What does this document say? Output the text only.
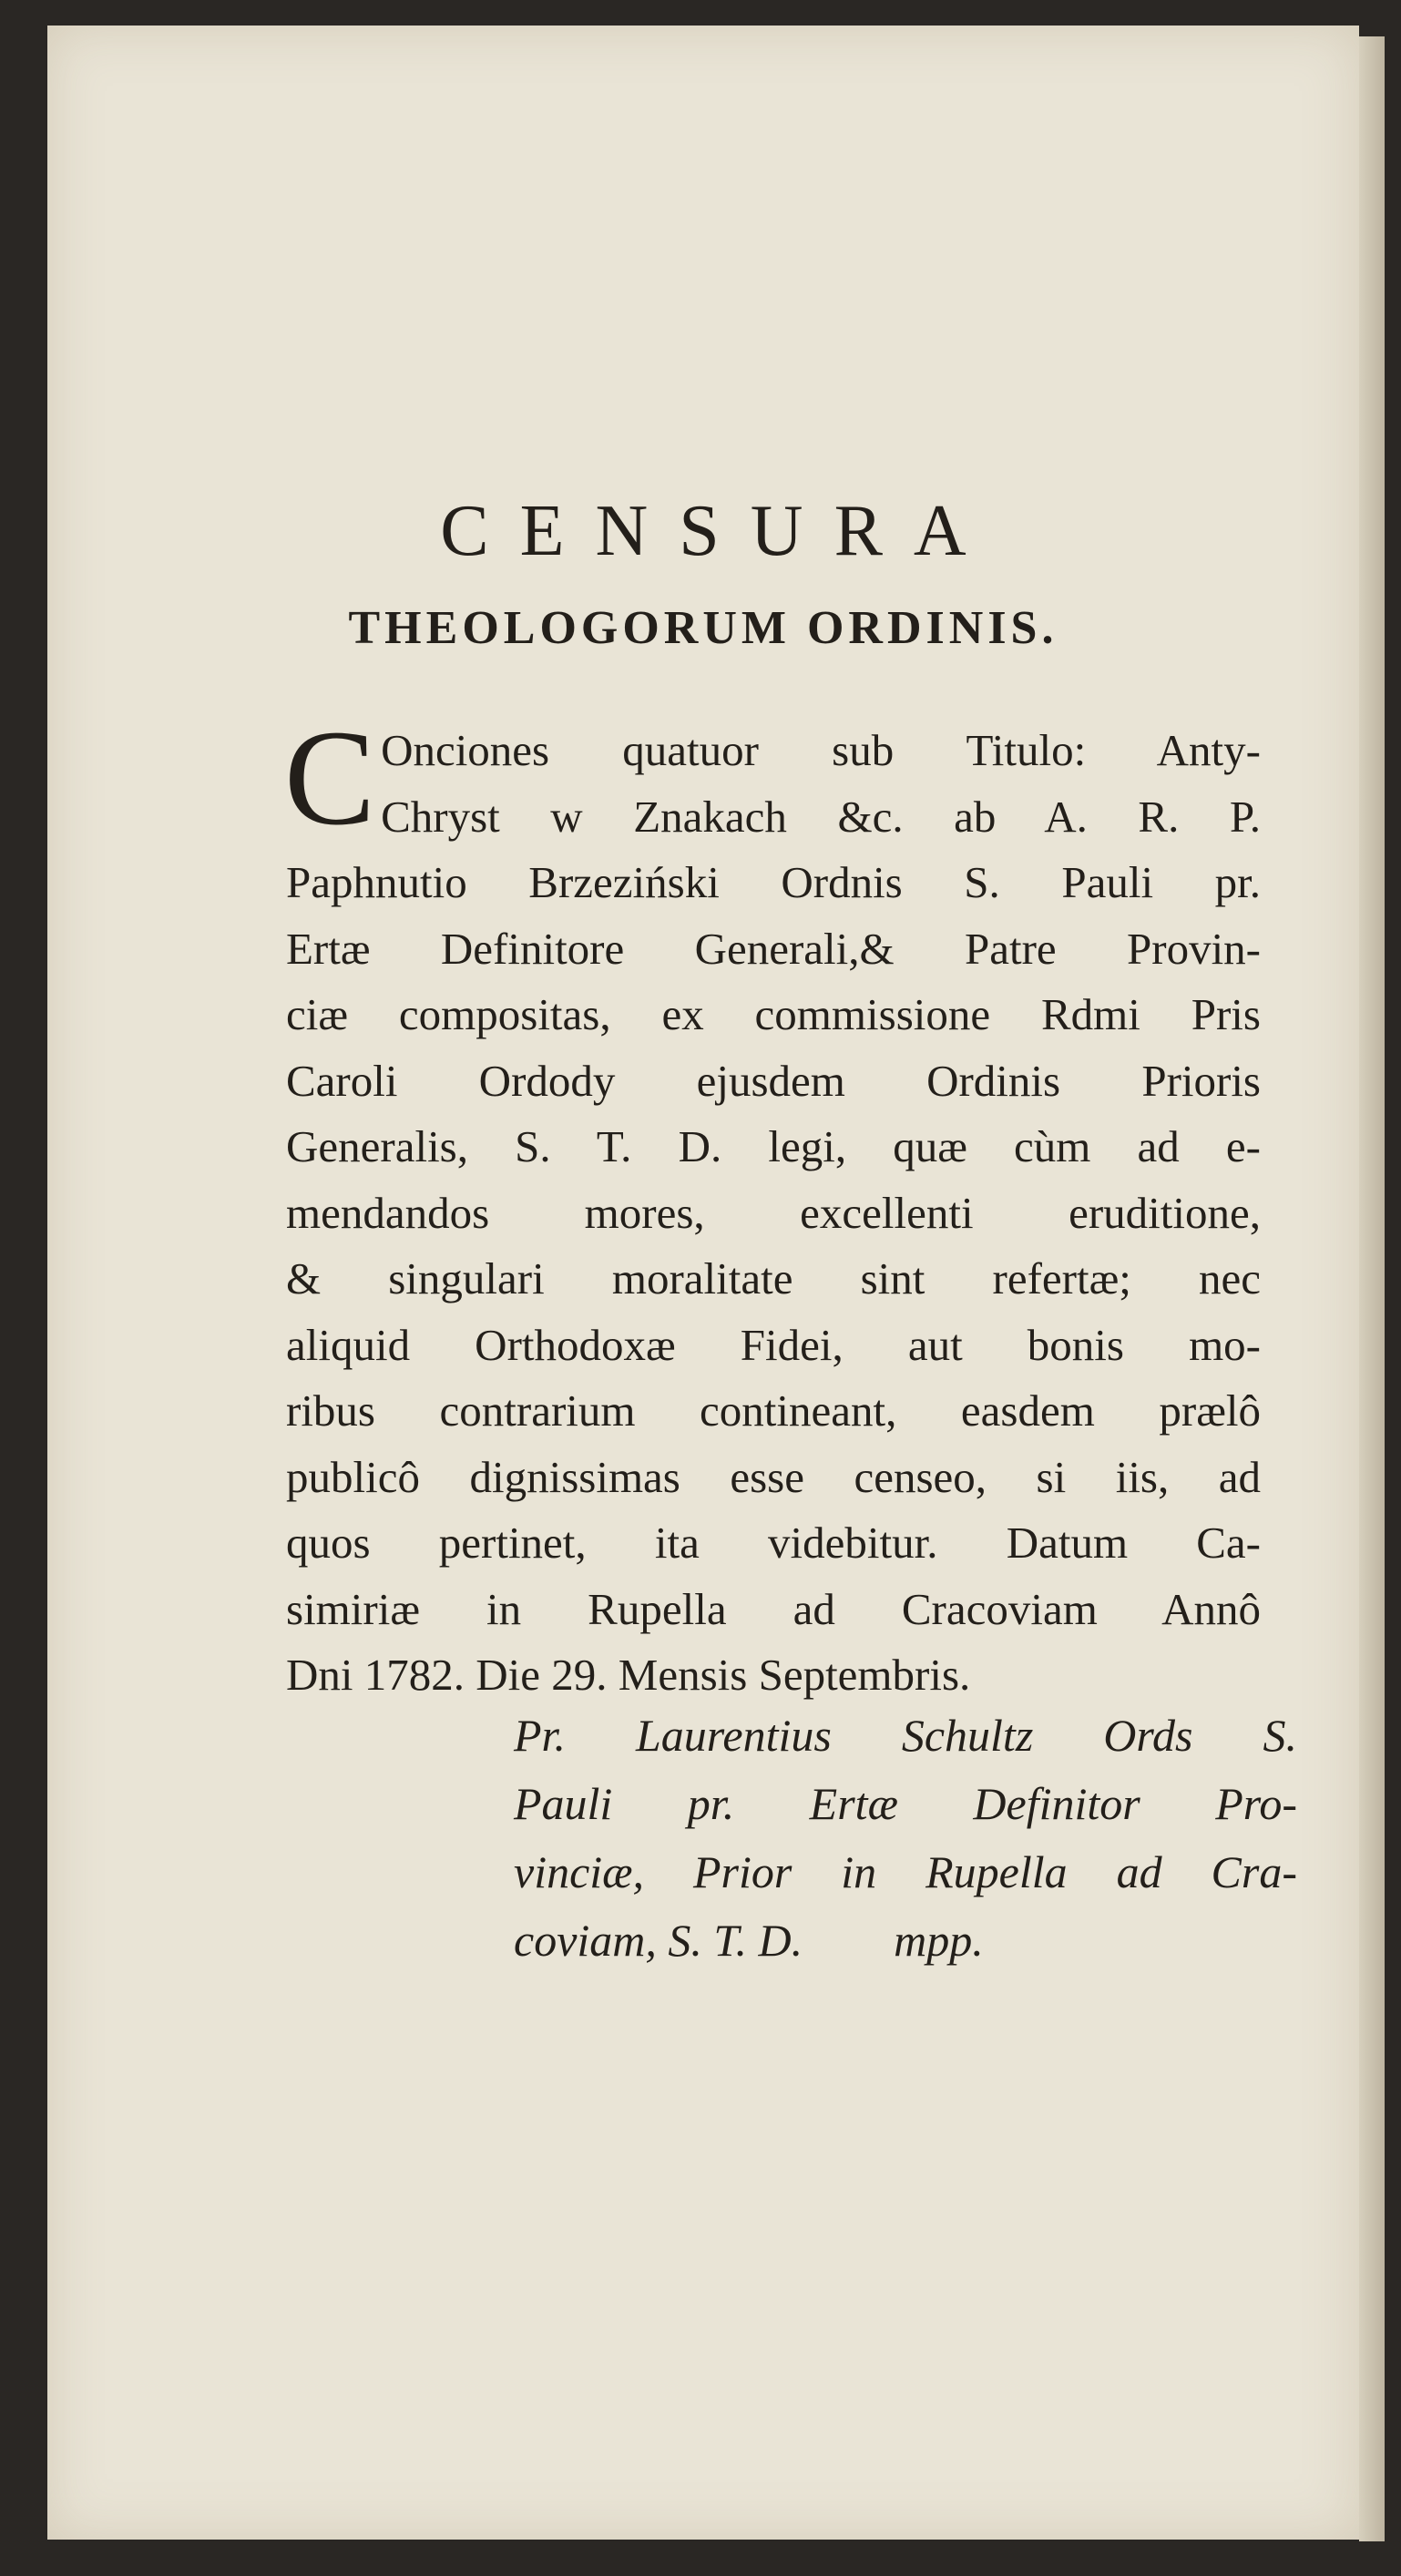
CENSURA
THEOLOGORUM ORDINIS.
C Onciones quatuor sub Titulo: Anty-
Chryst w Znakach &c. ab A. R. P.
Paphnutio Brzeziński Ordnis S. Pauli pr.
Ertæ Definitore Generali,& Patre Provin-
ciæ compositas, ex commissione Rdmi Pris
Caroli Ordody ejusdem Ordinis Prioris
Generalis, S. T. D. legi, quæ cùm ad e-
mendandos mores, excellenti eruditione,
& singulari moralitate sint refertæ; nec
aliquid Orthodoxæ Fidei, aut bonis mo-
ribus contrarium contineant, easdem prælô
publicô dignissimas esse censeo, si iis, ad
quos pertinet, ita videbitur. Datum Ca-
simiriæ in Rupella ad Cracoviam Annô
Dni 1782. Die 29. Mensis Septembris.
Pr. Laurentius Schultz Ords S.
Pauli pr. Ertæ Definitor Pro-
vinciæ, Prior in Rupella ad Cra-
coviam, S. T. D.        mpp.
